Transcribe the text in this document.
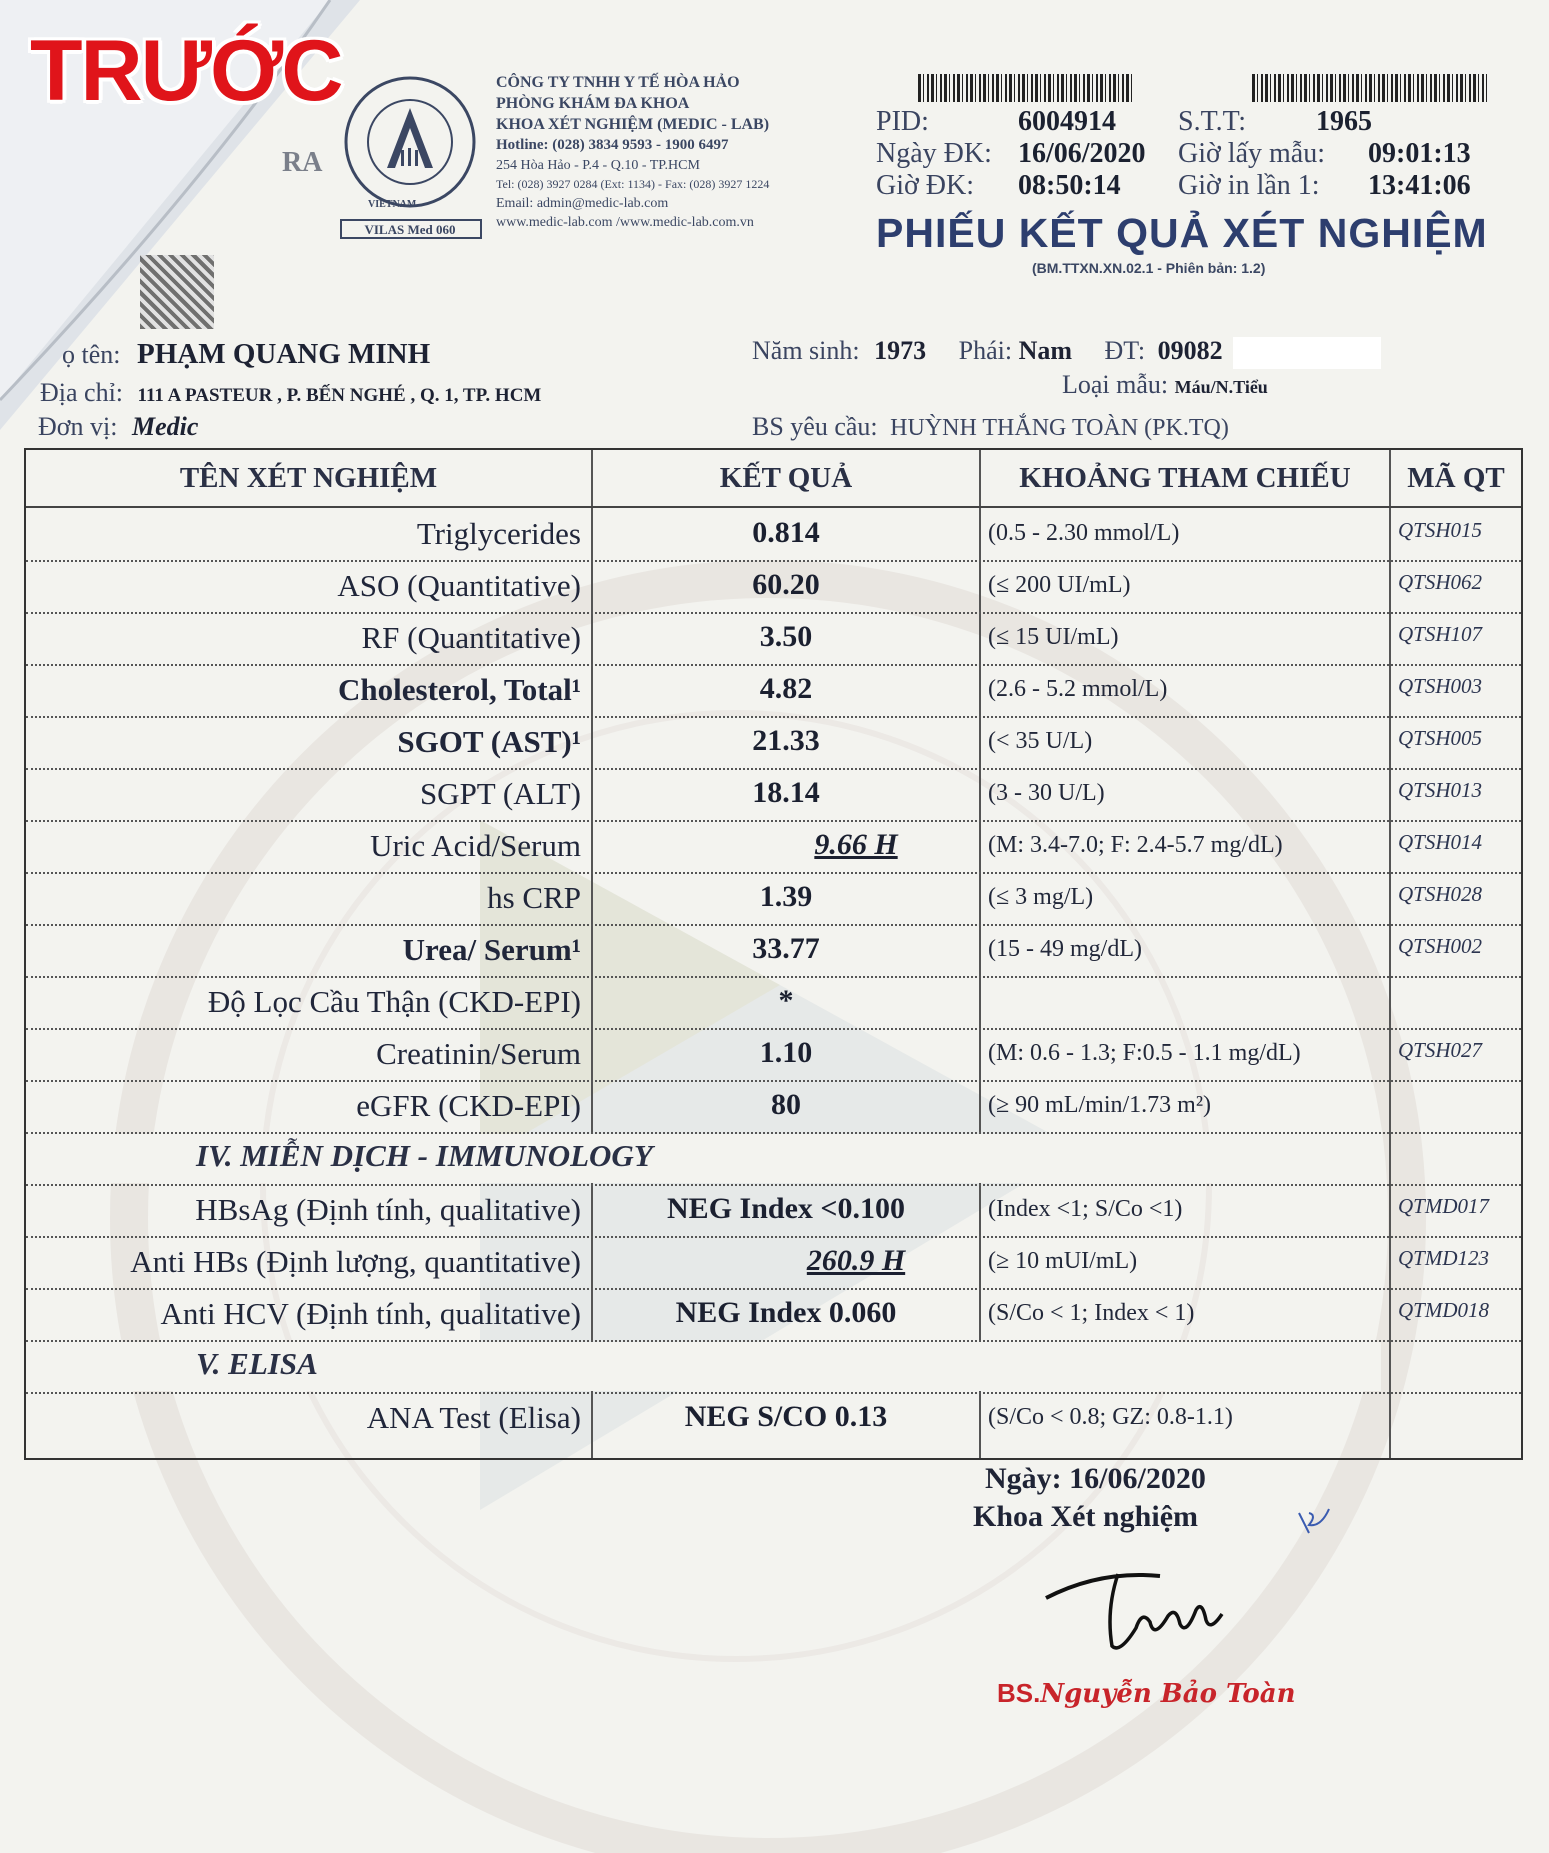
TRƯỚC
VILAS Med 060
VIETNAM
RA
CÔNG TY TNHH Y TẾ HÒA HẢO
PHÒNG KHÁM ĐA KHOA
KHOA XÉT NGHIỆM (MEDIC - LAB)
Hotline: (028) 3834 9593 - 1900 6497
254 Hòa Hảo - P.4 - Q.10 - TP.HCM
Tel: (028) 3927 0284 (Ext: 1134) - Fax: (028) 3927 1224
Email: admin@medic-lab.com
www.medic-lab.com /www.medic-lab.com.vn
PID:	6004914 S.T.T: 1965
Ngày ĐK: 16/06/2020 Giờ lấy mẫu: 09:01:13
Giờ ĐK: 08:50:14 Giờ in lần 1: 13:41:06
PHIẾU KẾT QUẢ XÉT NGHIỆM
(BM.TTXN.XN.02.1 - Phiên bản: 1.2)
ọ tên: PHẠM QUANG MINH	Năm sinh: 1973 Phái: Nam ĐT: 09082
Địa chỉ: 111 A PASTEUR , P. BẾN NGHÉ , Q. 1, TP. HCM	Loại mẫu: Máu/N.Tiểu
Đơn vị: Medic	BS yêu cầu: HUỲNH THẮNG TOÀN (PK.TQ)
TÊN XÉT NGHIỆM	KẾT QUẢ	KHOẢNG THAM CHIẾU	MÃ QT
Triglycerides	0.814	(0.5 - 2.30 mmol/L)	QTSH015
ASO (Quantitative)	60.20	(≤ 200 UI/mL)	QTSH062
RF (Quantitative)	3.50	(≤ 15 UI/mL)	QTSH107
Cholesterol, Total¹	4.82	(2.6 - 5.2 mmol/L)	QTSH003
SGOT (AST)¹	21.33	(< 35 U/L)	QTSH005
SGPT (ALT)	18.14	(3 - 30 U/L)	QTSH013
Uric Acid/Serum	9.66 H	(M: 3.4-7.0; F: 2.4-5.7 mg/dL)	QTSH014
hs CRP	1.39	(≤ 3 mg/L)	QTSH028
Urea/ Serum¹	33.77	(15 - 49 mg/dL)	QTSH002
Độ Lọc Cầu Thận (CKD-EPI)	*
Creatinin/Serum	1.10	(M: 0.6 - 1.3; F:0.5 - 1.1 mg/dL)	QTSH027
eGFR (CKD-EPI)	80	(≥ 90 mL/min/1.73 m²)
IV. MIỄN DỊCH - IMMUNOLOGY
HBsAg (Định tính, qualitative)	NEG Index <0.100	(Index <1; S/Co <1)	QTMD017
Anti HBs (Định lượng, quantitative)	260.9 H	(≥ 10 mUI/mL)	QTMD123
Anti HCV (Định tính, qualitative)	NEG Index 0.060	(S/Co < 1; Index < 1)	QTMD018
V. ELISA
ANA Test (Elisa)	NEG S/CO 0.13	(S/Co < 0.8; GZ: 0.8-1.1)
Ngày: 16/06/2020
Khoa Xét nghiệm
BS.Nguyễn Bảo Toàn
